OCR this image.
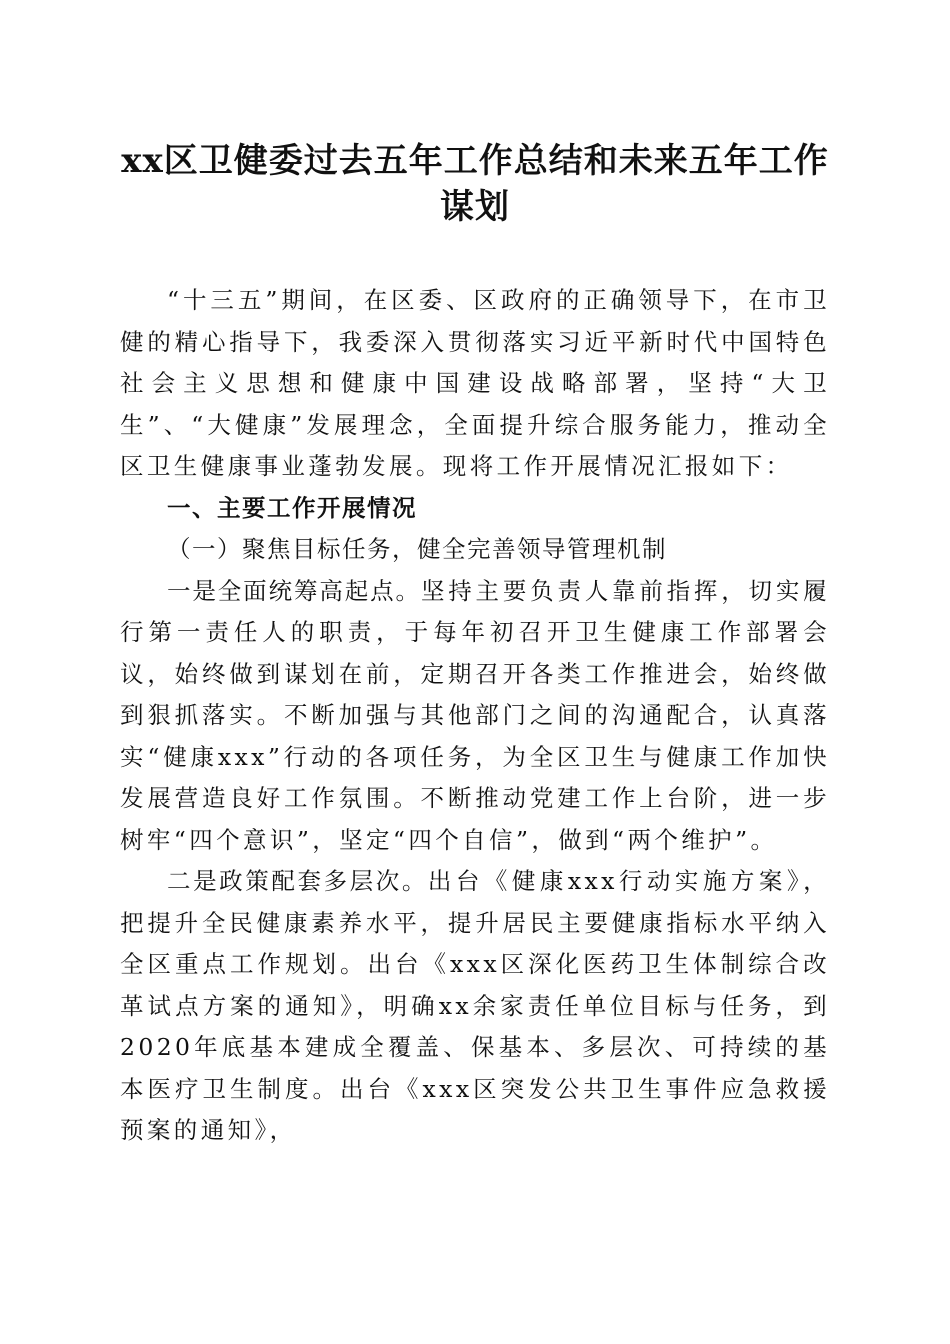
xx区卫健委过去五年工作总结和未来五年工作谋划

“十三五”期间，在区委、区政府的正确领导下，在市卫健的精心指导下，我委深入贯彻落实习近平新时代中国特色社会主义思想和健康中国建设战略部署，坚持“大卫生”、“大健康”发展理念，全面提升综合服务能力，推动全区卫生健康事业蓬勃发展。现将工作开展情况汇报如下：

一、主要工作开展情况

（一）聚焦目标任务，健全完善领导管理机制

一是全面统筹高起点。坚持主要负责人靠前指挥，切实履行第一责任人的职责，于每年初召开卫生健康工作部署会议，始终做到谋划在前，定期召开各类工作推进会，始终做到狠抓落实。不断加强与其他部门之间的沟通配合，认真落实“健康xxx”行动的各项任务，为全区卫生与健康工作加快发展营造良好工作氛围。不断推动党建工作上台阶，进一步树牢“四个意识”，坚定“四个自信”，做到“两个维护”。

二是政策配套多层次。出台《健康xxx行动实施方案》，把提升全民健康素养水平，提升居民主要健康指标水平纳入全区重点工作规划。出台《xxx区深化医药卫生体制综合改革试点方案的通知》，明确xx余家责任单位目标与任务，到2020年底基本建成全覆盖、保基本、多层次、可持续的基本医疗卫生制度。出台《xxx区突发公共卫生事件应急救援预案的通知》，
